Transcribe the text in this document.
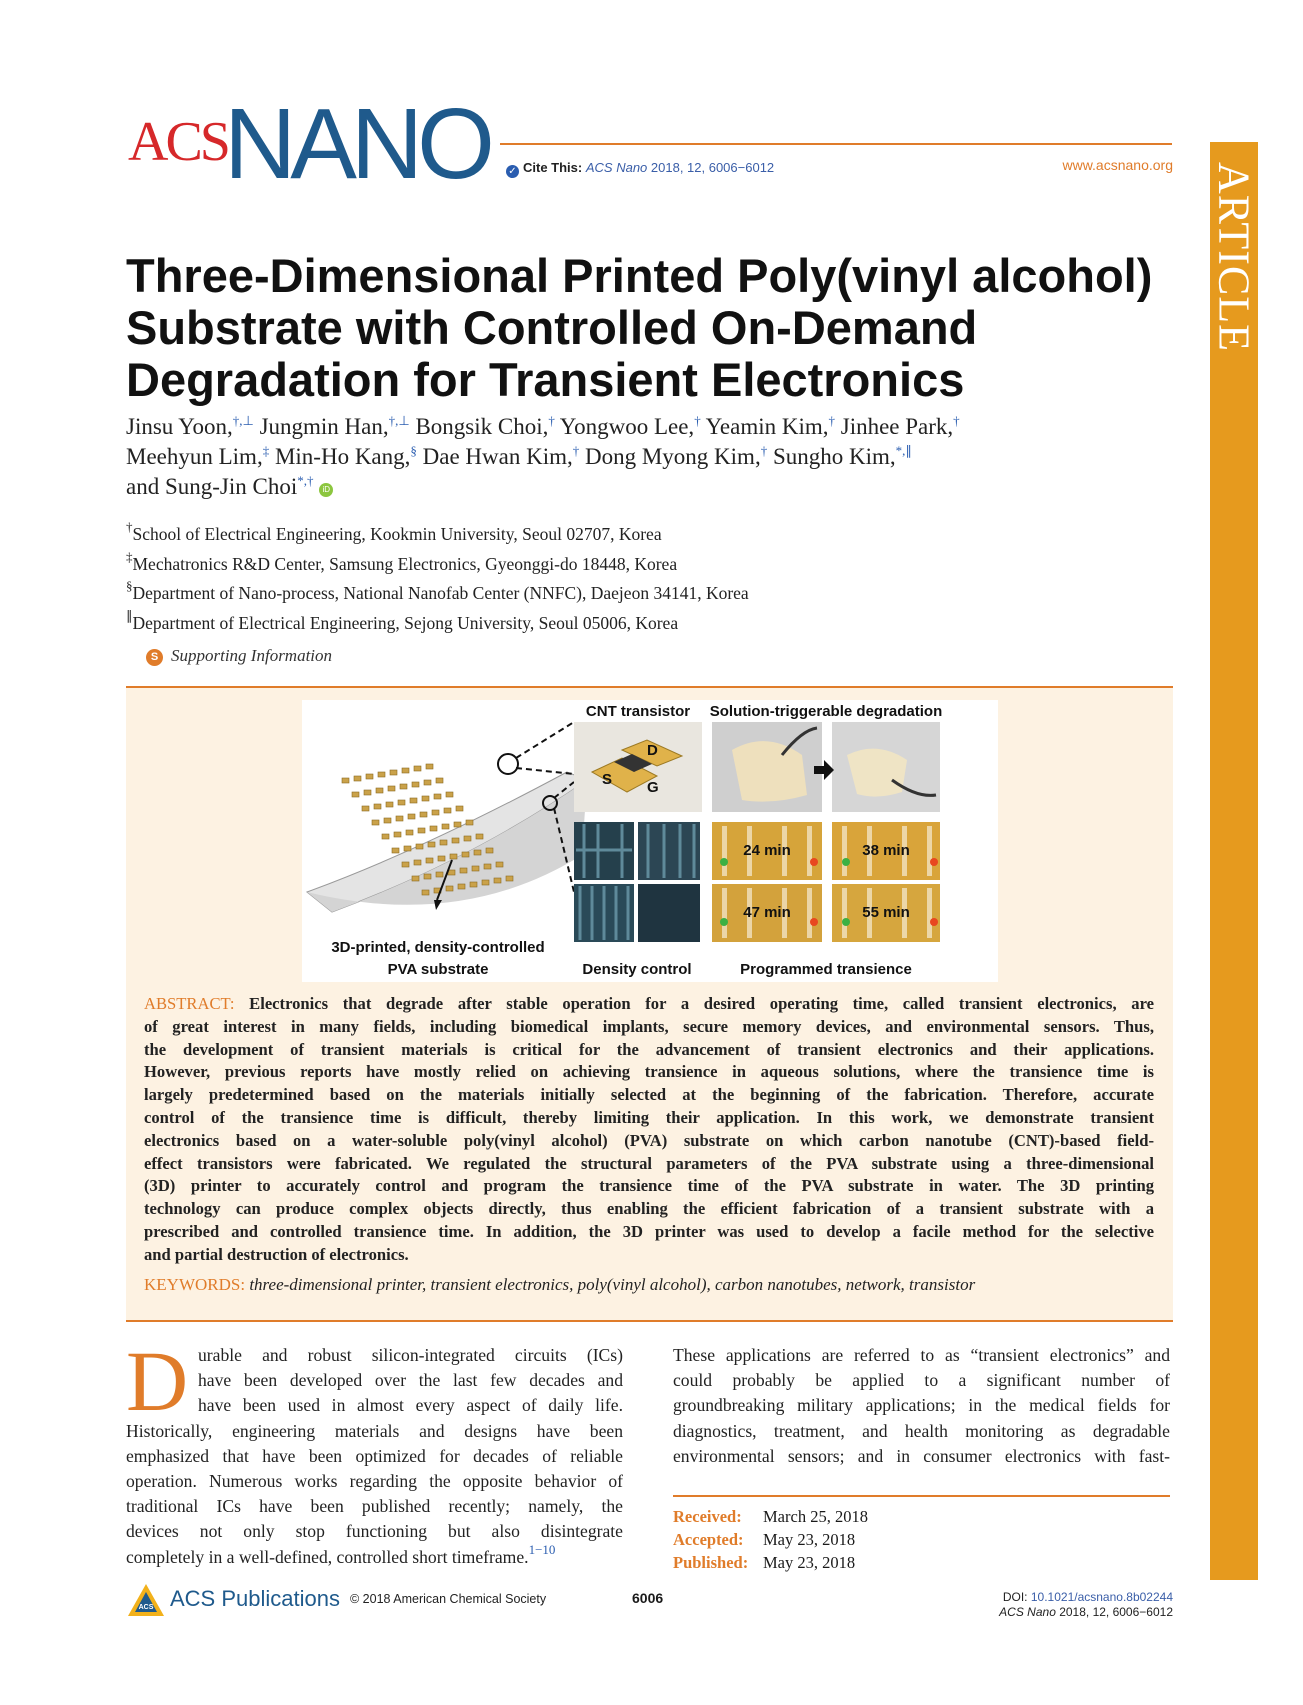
ACS
NANO ✓ Cite This: ACS Nano 2018, 12, 6006−6012	www.acsnano.org ARTICLE
Three-Dimensional Printed Poly(vinyl alcohol)
Substrate with Controlled On-Demand
Degradation for Transient Electronics
Jinsu Yoon,†,⊥ Jungmin Han,†,⊥ Bongsik Choi,† Yongwoo Lee,† Yeamin Kim,† Jinhee Park,†
Meehyun Lim,‡ Min-Ho Kang,§ Dae Hwan Kim,† Dong Myong Kim,† Sungho Kim,*,∥
and Sung-Jin Choi*,† iD
†School of Electrical Engineering, Kookmin University, Seoul 02707, Korea
‡Mechatronics R&D Center, Samsung Electronics, Gyeonggi-do 18448, Korea
§Department of Nano-process, National Nanofab Center (NNFC), Daejeon 34141, Korea
∥Department of Electrical Engineering, Sejong University, Seoul 05006, Korea
S Supporting Information
S
D
G
24 min	38 min
47 min	55 min
CNT transistor Solution-triggerable degradation
3D-printed, density-controlled
PVA substrate	Density control	Programmed transience
ABSTRACT: Electronics that degrade after stable operation for a desired operating time, called transient electronics, are
of great interest in many fields, including biomedical implants, secure memory devices, and environmental sensors. Thus,
the development of transient materials is critical for the advancement of transient electronics and their applications.
However, previous reports have mostly relied on achieving transience in aqueous solutions, where the transience time is
largely predetermined based on the materials initially selected at the beginning of the fabrication. Therefore, accurate
control of the transience time is difficult, thereby limiting their application. In this work, we demonstrate transient
electronics based on a water-soluble poly(vinyl alcohol) (PVA) substrate on which carbon nanotube (CNT)-based field-
effect transistors were fabricated. We regulated the structural parameters of the PVA substrate using a three-dimensional
(3D) printer to accurately control and program the transience time of the PVA substrate in water. The 3D printing
technology can produce complex objects directly, thus enabling the efficient fabrication of a transient substrate with a
prescribed and controlled transience time. In addition, the 3D printer was used to develop a facile method for the selective
and partial destruction of electronics.
KEYWORDS: three-dimensional printer, transient electronics, poly(vinyl alcohol), carbon nanotubes, network, transistor
D urable and robust silicon-integrated circuits (ICs)
have been developed over the last few decades and
have been used in almost every aspect of daily life.
Historically, engineering materials and designs have been
emphasized that have been optimized for decades of reliable
operation. Numerous works regarding the opposite behavior of
traditional ICs have been published recently; namely, the
devices not only stop functioning but also disintegrate
completely in a well-defined, controlled short timeframe.$^{1-10}$
These applications are referred to as “transient electronics” and
could probably be applied to a significant number of
groundbreaking military applications; in the medical fields for
diagnostics, treatment, and health monitoring as degradable
environmental sensors; and in consumer electronics with fast-
Received: March 25, 2018
Accepted: May 23, 2018
Published: May 23, 2018
ACS ACS Publications © 2018 American Chemical Society	6006	DOI: 10.1021/acsnano.8b02244
ACS Nano 2018, 12, 6006−6012
